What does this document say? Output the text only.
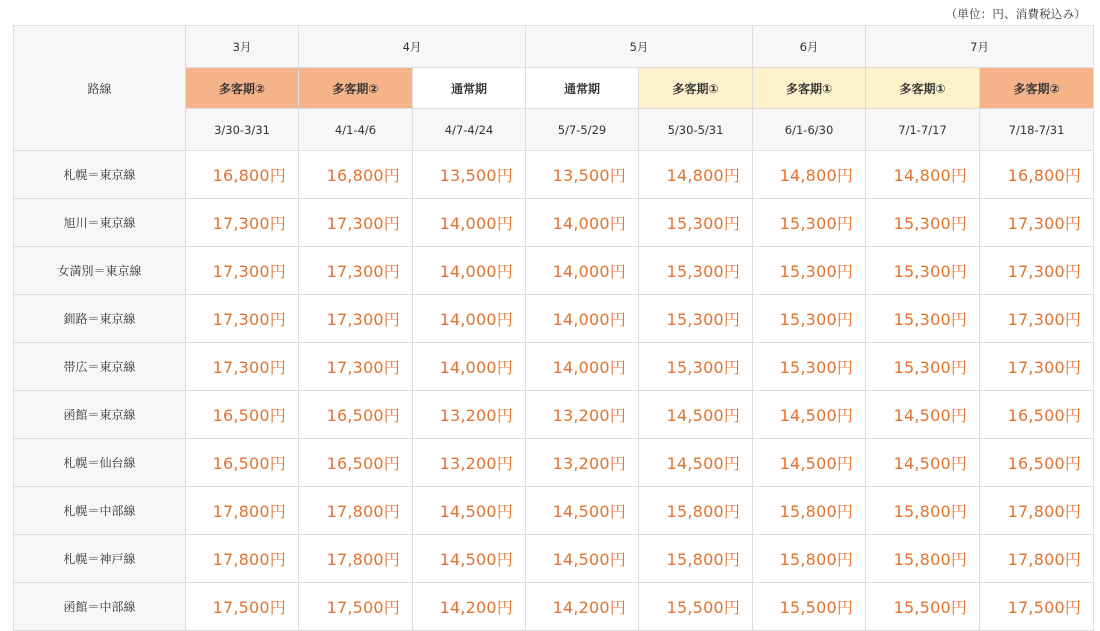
（単位：円、消費税込み）
路線	3月	4月		5月		6月	7月	
	多客期②	多客期②	通常期	通常期	多客期①	多客期①	多客期①	多客期②
	3/30-3/31	4/1-4/6	4/7-4/24	5/7-5/29	5/30-5/31	6/1-6/30	7/1-7/17	7/18-7/31
札幌＝東京線	16,800円	16,800円	13,500円	13,500円	14,800円	14,800円	14,800円	16,800円
旭川＝東京線	17,300円	17,300円	14,000円	14,000円	15,300円	15,300円	15,300円	17,300円
女満別＝東京線	17,300円	17,300円	14,000円	14,000円	15,300円	15,300円	15,300円	17,300円
釧路＝東京線	17,300円	17,300円	14,000円	14,000円	15,300円	15,300円	15,300円	17,300円
帯広＝東京線	17,300円	17,300円	14,000円	14,000円	15,300円	15,300円	15,300円	17,300円
函館＝東京線	16,500円	16,500円	13,200円	13,200円	14,500円	14,500円	14,500円	16,500円
札幌＝仙台線	16,500円	16,500円	13,200円	13,200円	14,500円	14,500円	14,500円	16,500円
札幌＝中部線	17,800円	17,800円	14,500円	14,500円	15,800円	15,800円	15,800円	17,800円
札幌＝神戸線	17,800円	17,800円	14,500円	14,500円	15,800円	15,800円	15,800円	17,800円
函館＝中部線	17,500円	17,500円	14,200円	14,200円	15,500円	15,500円	15,500円	17,500円
